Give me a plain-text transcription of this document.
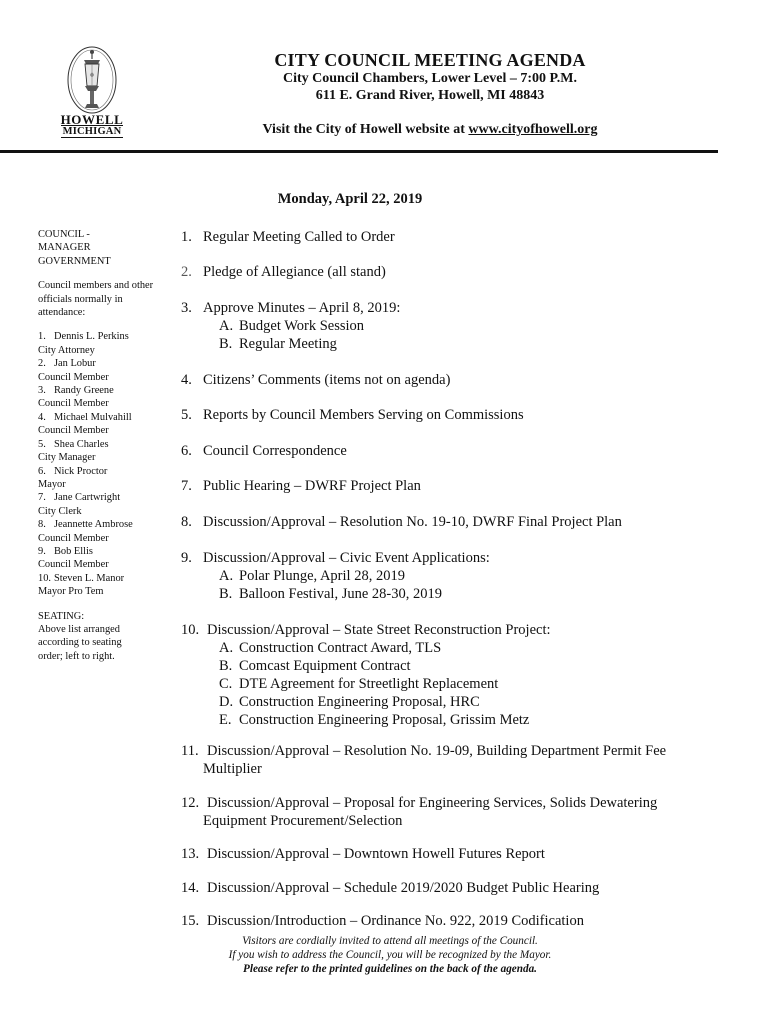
HOWELL
MICHIGAN
CITY COUNCIL MEETING AGENDA
City Council Chambers, Lower Level – 7:00 P.M.
611 E. Grand River, Howell, MI 48843
Visit the City of Howell website at www.cityofhowell.org
Monday, April 22, 2019

COUNCIL -

MANAGER

GOVERNMENT

Council members and other officials normally in attendance:

1. Dennis L. Perkins
City Attorney
2. Jan Lobur
Council Member
3. Randy Greene
Council Member
4. Michael Mulvahill
Council Member
5. Shea Charles
City Manager
6. Nick Proctor
Mayor
7. Jane Cartwright
City Clerk
8. Jeannette Ambrose
Council Member
9. Bob Ellis
Council Member
10. Steven L. Manor
Mayor Pro Tem

SEATING:

Above list arranged

according to seating

order; left to right.

1. Regular Meeting Called to Order
2. Pledge of Allegiance (all stand)
3. Approve Minutes – April 8, 2019:
A. Budget Work Session
B. Regular Meeting
4. Citizens’ Comments (items not on agenda)
5. Reports by Council Members Serving on Commissions
6. Council Correspondence
7. Public Hearing – DWRF Project Plan
8. Discussion/Approval – Resolution No. 19-10, DWRF Final Project Plan
9. Discussion/Approval – Civic Event Applications:
A. Polar Plunge, April 28, 2019
B. Balloon Festival, June 28-30, 2019
10. Discussion/Approval – State Street Reconstruction Project:
A. Construction Contract Award, TLS
B. Comcast Equipment Contract
C. DTE Agreement for Streetlight Replacement
D. Construction Engineering Proposal, HRC
E. Construction Engineering Proposal, Grissim Metz
11. Discussion/Approval – Resolution No. 19-09, Building Department Permit Fee
Multiplier
12. Discussion/Approval – Proposal for Engineering Services, Solids Dewatering
Equipment Procurement/Selection
13. Discussion/Approval – Downtown Howell Futures Report
14. Discussion/Approval – Schedule 2019/2020 Budget Public Hearing
15. Discussion/Introduction – Ordinance No. 922, 2019 Codification
Visitors are cordially invited to attend all meetings of the Council.
If you wish to address the Council, you will be recognized by the Mayor.
Please refer to the printed guidelines on the back of the agenda.
